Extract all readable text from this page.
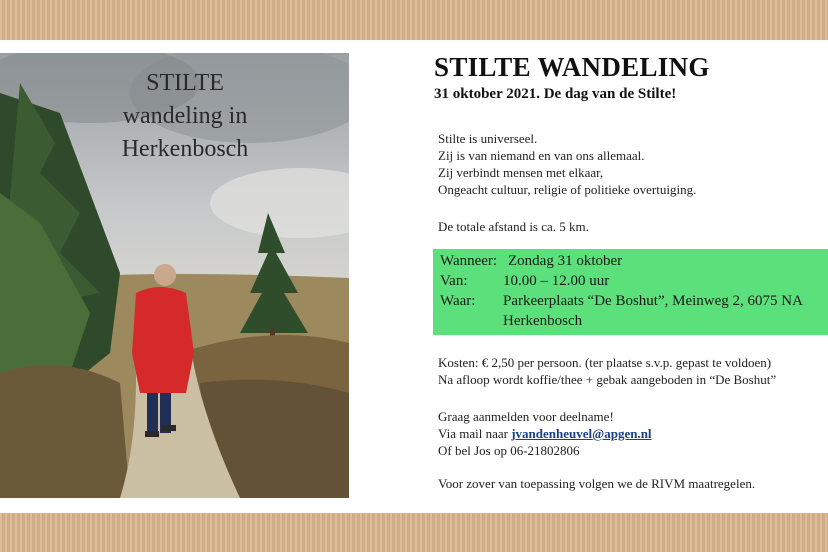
STILTE
wandeling in
Herkenbosch
STILTE WANDELING
31 oktober 2021. De dag van de Stilte!
Stilte is universeel.
Zij is van niemand en van ons allemaal.
Zij verbindt mensen met elkaar,
Ongeacht cultuur, religie of politieke overtuiging.
De totale afstand is ca. 5 km.
Wanneer: Zondag 31 oktober
Van: 10.00 – 12.00 uur
Waar: Parkeerplaats “De Boshut”, Meinweg 2, 6075 NA
Herkenbosch
Kosten: € 2,50 per persoon. (ter plaatse s.v.p. gepast te voldoen)
Na afloop wordt koffie/thee + gebak aangeboden in “De Boshut”
Graag aanmelden voor deelname!
Via mail naar jvandenheuvel@apgen.nl
Of bel Jos op 06-21802806
Voor zover van toepassing volgen we de RIVM maatregelen.
